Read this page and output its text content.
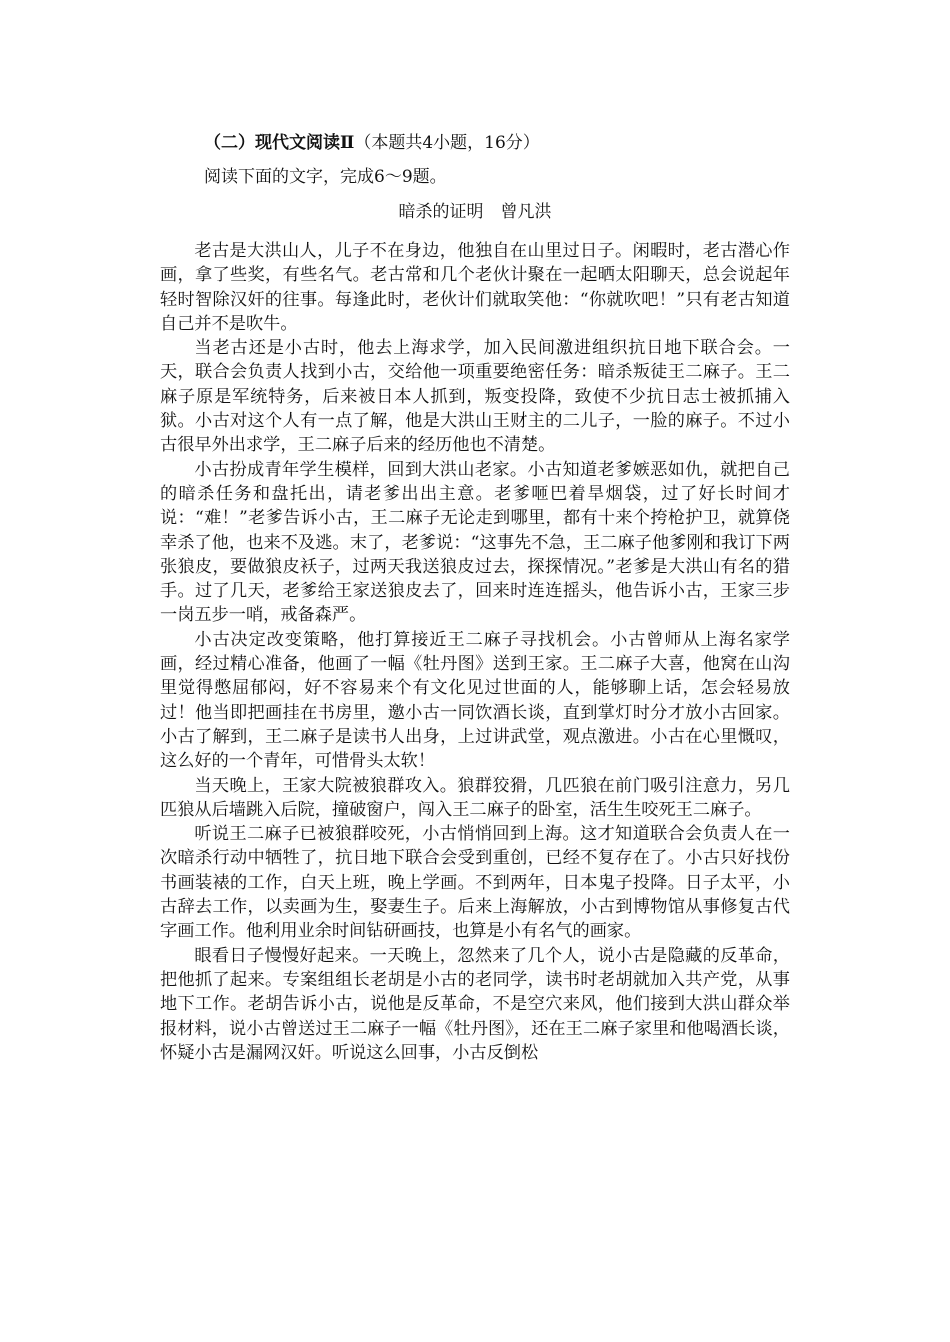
（二）现代文阅读Ⅱ（本题共4小题，16分）
阅读下面的文字，完成6～9题。
暗杀的证明　曾凡洪

老古是大洪山人，儿子不在身边，他独自在山里过日子。闲暇时，老古潜心作画，拿了些奖，有些名气。老古常和几个老伙计聚在一起晒太阳聊天，总会说起年轻时智除汉奸的往事。每逢此时，老伙计们就取笑他：“你就吹吧！”只有老古知道自己并不是吹牛。

当老古还是小古时，他去上海求学，加入民间激进组织抗日地下联合会。一天，联合会负责人找到小古，交给他一项重要绝密任务：暗杀叛徒王二麻子。王二麻子原是军统特务，后来被日本人抓到，叛变投降，致使不少抗日志士被抓捕入狱。小古对这个人有一点了解，他是大洪山王财主的二儿子，一脸的麻子。不过小古很早外出求学，王二麻子后来的经历他也不清楚。

小古扮成青年学生模样，回到大洪山老家。小古知道老爹嫉恶如仇，就把自己的暗杀任务和盘托出，请老爹出出主意。老爹咂巴着旱烟袋，过了好长时间才说：“难！”老爹告诉小古，王二麻子无论走到哪里，都有十来个挎枪护卫，就算侥幸杀了他，也来不及逃。末了，老爹说：“这事先不急，王二麻子他爹刚和我订下两张狼皮，要做狼皮袄子，过两天我送狼皮过去，探探情况。”老爹是大洪山有名的猎手。过了几天，老爹给王家送狼皮去了，回来时连连摇头，他告诉小古，王家三步一岗五步一哨，戒备森严。

小古决定改变策略，他打算接近王二麻子寻找机会。小古曾师从上海名家学画，经过精心准备，他画了一幅《牡丹图》送到王家。王二麻子大喜，他窝在山沟里觉得憋屈郁闷，好不容易来个有文化见过世面的人，能够聊上话，怎会轻易放过！他当即把画挂在书房里，邀小古一同饮酒长谈，直到掌灯时分才放小古回家。小古了解到，王二麻子是读书人出身，上过讲武堂，观点激进。小古在心里慨叹，这么好的一个青年，可惜骨头太软！

当天晚上，王家大院被狼群攻入。狼群狡猾，几匹狼在前门吸引注意力，另几匹狼从后墙跳入后院，撞破窗户，闯入王二麻子的卧室，活生生咬死王二麻子。

听说王二麻子已被狼群咬死，小古悄悄回到上海。这才知道联合会负责人在一次暗杀行动中牺牲了，抗日地下联合会受到重创，已经不复存在了。小古只好找份书画装裱的工作，白天上班，晚上学画。不到两年，日本鬼子投降。日子太平，小古辞去工作，以卖画为生，娶妻生子。后来上海解放，小古到博物馆从事修复古代字画工作。他利用业余时间钻研画技，也算是小有名气的画家。

眼看日子慢慢好起来。一天晚上，忽然来了几个人，说小古是隐藏的反革命，把他抓了起来。专案组组长老胡是小古的老同学，读书时老胡就加入共产党，从事地下工作。老胡告诉小古，说他是反革命，不是空穴来风，他们接到大洪山群众举报材料，说小古曾送过王二麻子一幅《牡丹图》，还在王二麻子家里和他喝酒长谈，怀疑小古是漏网汉奸。听说这么回事，小古反倒松
